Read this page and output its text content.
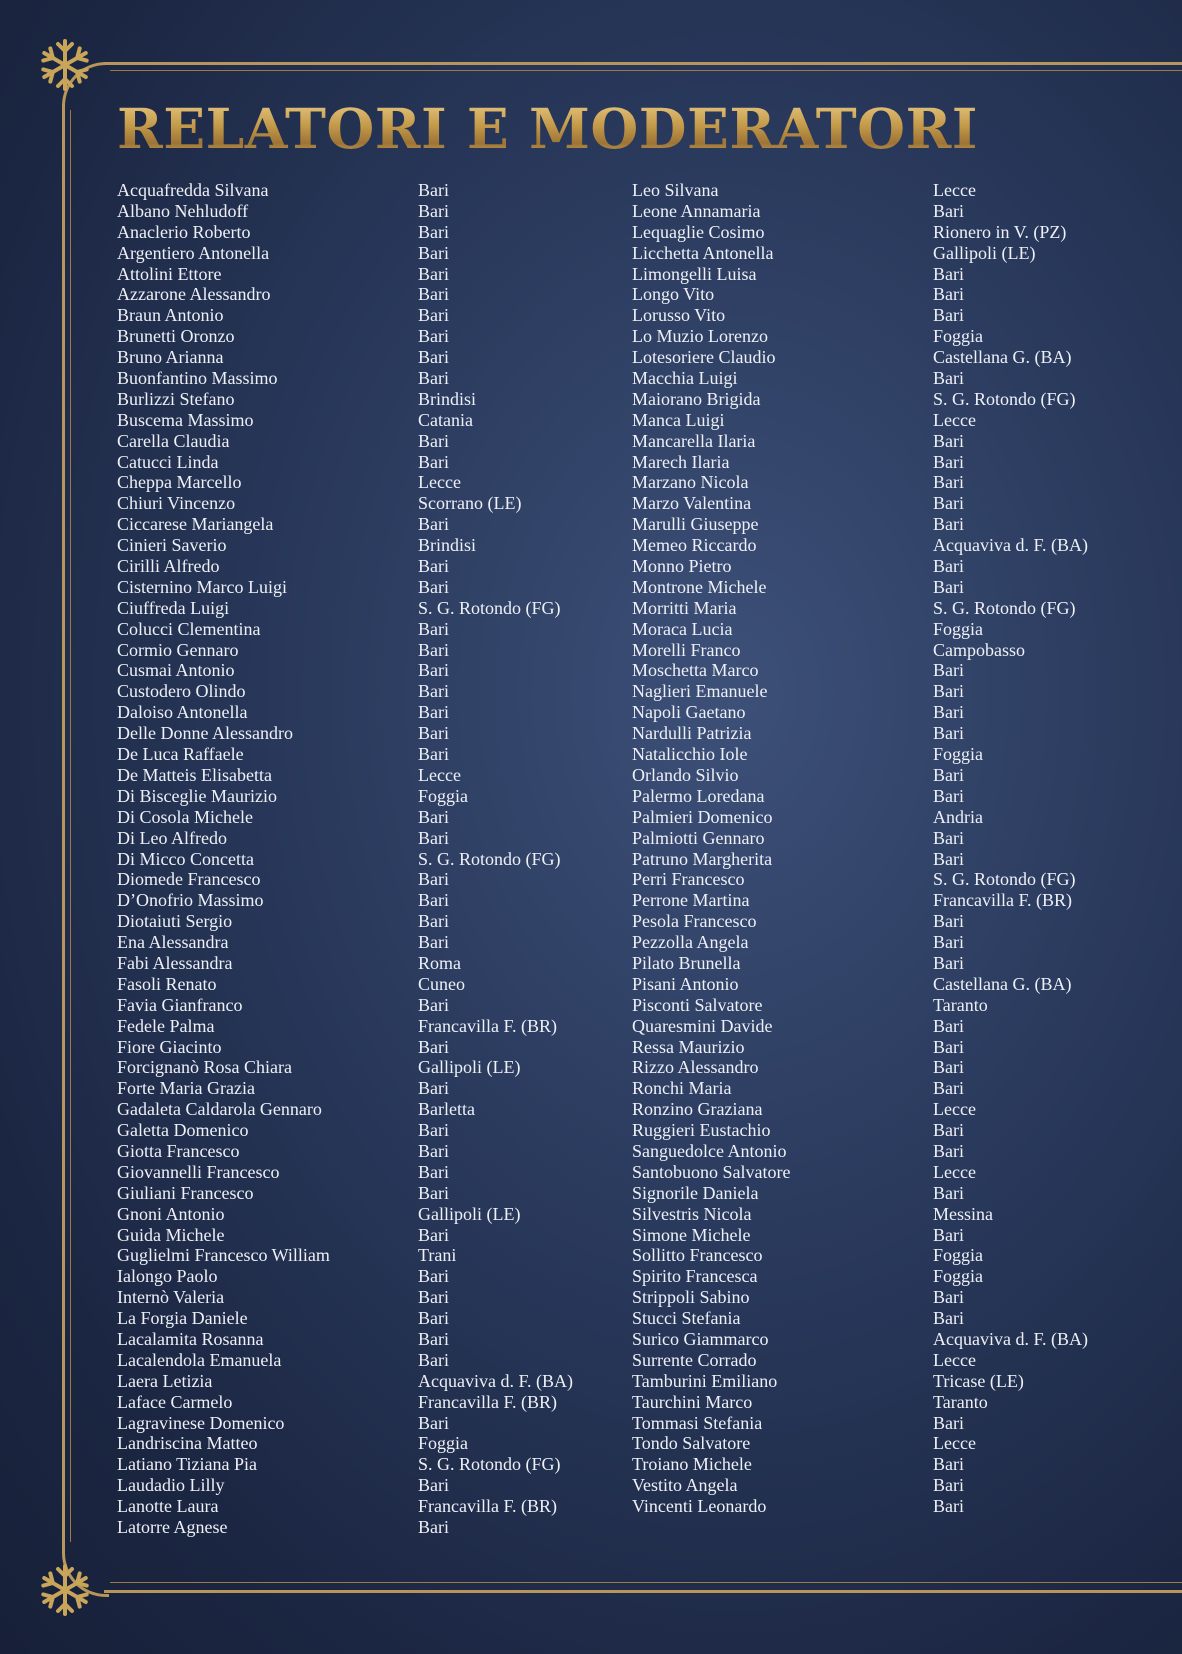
RELATORI E MODERATORI
Acquafredda Silvana
Albano Nehludoff
Anaclerio Roberto
Argentiero Antonella
Attolini Ettore
Azzarone Alessandro
Braun Antonio
Brunetti Oronzo
Bruno Arianna
Buonfantino Massimo
Burlizzi Stefano
Buscema Massimo
Carella Claudia
Catucci Linda
Cheppa Marcello
Chiuri Vincenzo
Ciccarese Mariangela
Cinieri Saverio
Cirilli Alfredo
Cisternino Marco Luigi
Ciuffreda Luigi
Colucci Clementina
Cormio Gennaro
Cusmai Antonio
Custodero Olindo
Daloiso Antonella
Delle Donne Alessandro
De Luca Raffaele
De Matteis Elisabetta
Di Bisceglie Maurizio
Di Cosola Michele
Di Leo Alfredo
Di Micco Concetta
Diomede Francesco
D’Onofrio Massimo
Diotaiuti Sergio
Ena Alessandra
Fabi Alessandra
Fasoli Renato
Favia Gianfranco
Fedele Palma
Fiore Giacinto
Forcignanò Rosa Chiara
Forte Maria Grazia
Gadaleta Caldarola Gennaro
Galetta Domenico
Giotta Francesco
Giovannelli Francesco
Giuliani Francesco
Gnoni Antonio
Guida Michele
Guglielmi Francesco William
Ialongo Paolo
Internò Valeria
La Forgia Daniele
Lacalamita Rosanna
Lacalendola Emanuela
Laera Letizia
Laface Carmelo
Lagravinese Domenico
Landriscina Matteo
Latiano Tiziana Pia
Laudadio Lilly
Lanotte Laura
Latorre Agnese
Bari
Bari
Bari
Bari
Bari
Bari
Bari
Bari
Bari
Bari
Brindisi
Catania
Bari
Bari
Lecce
Scorrano (LE)
Bari
Brindisi
Bari
Bari
S. G. Rotondo (FG)
Bari
Bari
Bari
Bari
Bari
Bari
Bari
Lecce
Foggia
Bari
Bari
S. G. Rotondo (FG)
Bari
Bari
Bari
Bari
Roma
Cuneo
Bari
Francavilla F. (BR)
Bari
Gallipoli (LE)
Bari
Barletta
Bari
Bari
Bari
Bari
Gallipoli (LE)
Bari
Trani
Bari
Bari
Bari
Bari
Bari
Acquaviva d. F. (BA)
Francavilla F. (BR)
Bari
Foggia
S. G. Rotondo (FG)
Bari
Francavilla F. (BR)
Bari
Leo Silvana
Leone Annamaria
Lequaglie Cosimo
Licchetta Antonella
Limongelli Luisa
Longo Vito
Lorusso Vito
Lo Muzio Lorenzo
Lotesoriere Claudio
Macchia Luigi
Maiorano Brigida
Manca Luigi
Mancarella Ilaria
Marech Ilaria
Marzano Nicola
Marzo Valentina
Marulli Giuseppe
Memeo Riccardo
Monno Pietro
Montrone Michele
Morritti Maria
Moraca Lucia
Morelli Franco
Moschetta Marco
Naglieri Emanuele
Napoli Gaetano
Nardulli Patrizia
Natalicchio Iole
Orlando Silvio
Palermo Loredana
Palmieri Domenico
Palmiotti Gennaro
Patruno Margherita
Perri Francesco
Perrone Martina
Pesola Francesco
Pezzolla Angela
Pilato Brunella
Pisani Antonio
Pisconti Salvatore
Quaresmini Davide
Ressa Maurizio
Rizzo Alessandro
Ronchi Maria
Ronzino Graziana
Ruggieri Eustachio
Sanguedolce Antonio
Santobuono Salvatore
Signorile Daniela
Silvestris Nicola
Simone Michele
Sollitto Francesco
Spirito Francesca
Strippoli Sabino
Stucci Stefania
Surico Giammarco
Surrente Corrado
Tamburini Emiliano
Taurchini Marco
Tommasi Stefania
Tondo Salvatore
Troiano Michele
Vestito Angela
Vincenti Leonardo
Lecce
Bari
Rionero in V. (PZ)
Gallipoli (LE)
Bari
Bari
Bari
Foggia
Castellana G. (BA)
Bari
S. G. Rotondo (FG)
Lecce
Bari
Bari
Bari
Bari
Bari
Acquaviva d. F. (BA)
Bari
Bari
S. G. Rotondo (FG)
Foggia
Campobasso
Bari
Bari
Bari
Bari
Foggia
Bari
Bari
Andria
Bari
Bari
S. G. Rotondo (FG)
Francavilla F. (BR)
Bari
Bari
Bari
Castellana G. (BA)
Taranto
Bari
Bari
Bari
Bari
Lecce
Bari
Bari
Lecce
Bari
Messina
Bari
Foggia
Foggia
Bari
Bari
Acquaviva d. F. (BA)
Lecce
Tricase (LE)
Taranto
Bari
Lecce
Bari
Bari
Bari
